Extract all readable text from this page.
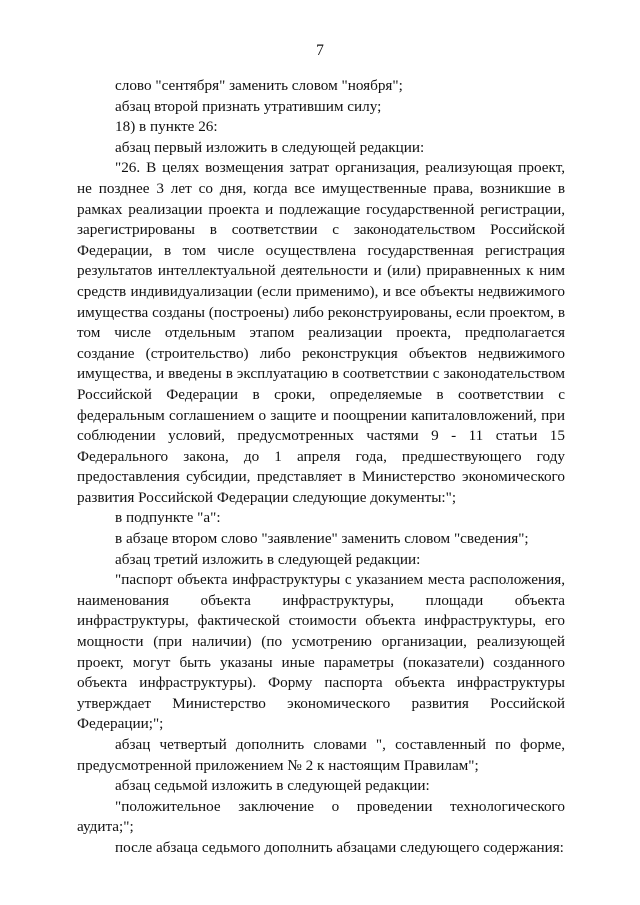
7

слово "сентября" заменить словом "ноября";

абзац второй признать утратившим силу;

18) в пункте 26:

абзац первый изложить в следующей редакции:

"26. В целях возмещения затрат организация, реализующая проект, не позднее 3 лет со дня, когда все имущественные права, возникшие в рамках реализации проекта и подлежащие государственной регистрации, зарегистрированы в соответствии с законодательством Российской Федерации, в том числе осуществлена государственная регистрация результатов интеллектуальной деятельности и (или) приравненных к ним средств индивидуализации (если применимо), и все объекты недвижимого имущества созданы (построены) либо реконструированы, если проектом, в том числе отдельным этапом реализации проекта, предполагается создание (строительство) либо реконструкция объектов недвижимого имущества, и введены в эксплуатацию в соответствии с законодательством Российской Федерации в сроки, определяемые в соответствии с федеральным соглашением о защите и поощрении капиталовложений, при соблюдении условий, предусмотренных частями 9 - 11 статьи 15 Федерального закона, до 1 апреля года, предшествующего году предоставления субсидии, представляет в Министерство экономического развития Российской Федерации следующие документы:";

в подпункте "а":

в абзаце втором слово "заявление" заменить словом "сведения";

абзац третий изложить в следующей редакции:

"паспорт объекта инфраструктуры с указанием места расположения, наименования объекта инфраструктуры, площади объекта инфраструктуры, фактической стоимости объекта инфраструктуры, его мощности (при наличии) (по усмотрению организации, реализующей проект, могут быть указаны иные параметры (показатели) созданного объекта инфраструктуры). Форму паспорта объекта инфраструктуры утверждает Министерство экономического развития Российской Федерации;";

абзац четвертый дополнить словами ", составленный по форме, предусмотренной приложением № 2 к настоящим Правилам";

абзац седьмой изложить в следующей редакции:

"положительное заключение о проведении технологического аудита;";

после абзаца седьмого дополнить абзацами следующего содержания:
